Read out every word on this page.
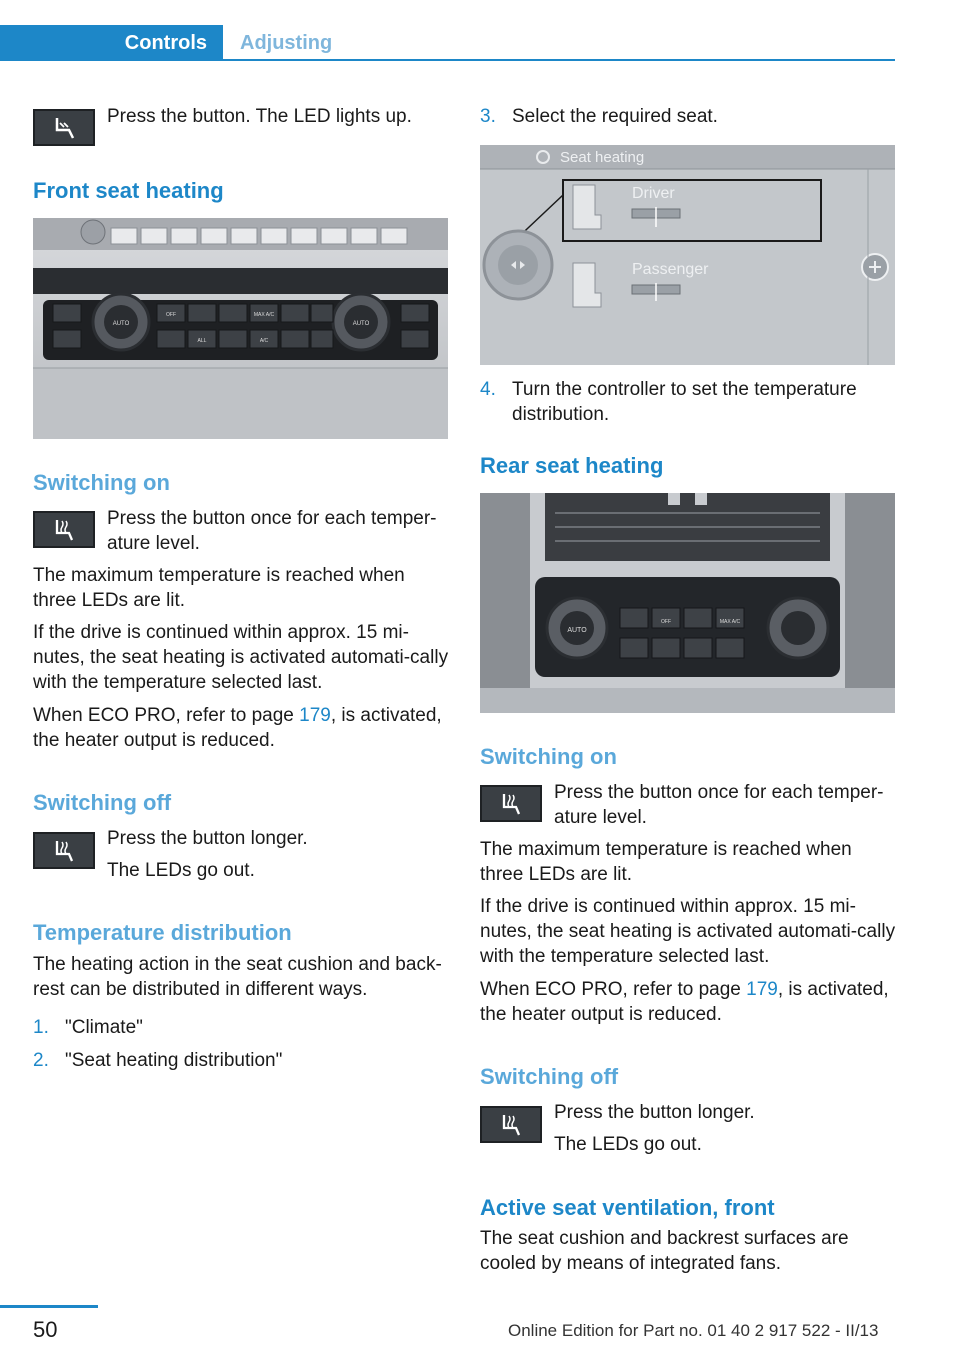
Controls	Adjusting

Press the button. The LED lights up.

Front seat heating
AUTO	AUTO
OFF	MAX A/C
ALL	A/C
Switching on

Press the button once for each temper-ature level.

The maximum temperature is reached when three LEDs are lit.

If the drive is continued within approx. 15 mi-nutes, the seat heating is activated automati-cally with the temperature selected last.

When ECO PRO, refer to page 179, is activated, the heater output is reduced.

Switching off

Press the button longer.

The LEDs go out.

Temperature distribution

The heating action in the seat cushion and back-rest can be distributed in different ways.

1. "Climate"

2. "Seat heating distribution"

3. Select the required seat.

Seat heating
Driver
Passenger

4. Turn the controller to set the temperature distribution.

Rear seat heating
AUTO
OFF	MAX A/C
Switching on

Press the button once for each temper-ature level.

The maximum temperature is reached when three LEDs are lit.

If the drive is continued within approx. 15 mi-nutes, the seat heating is activated automati-cally with the temperature selected last.

When ECO PRO, refer to page 179, is activated, the heater output is reduced.

Switching off

Press the button longer.

The LEDs go out.

Active seat ventilation, front

The seat cushion and backrest surfaces are cooled by means of integrated fans.

50	Online Edition for Part no. 01 40 2 917 522 - II/13
